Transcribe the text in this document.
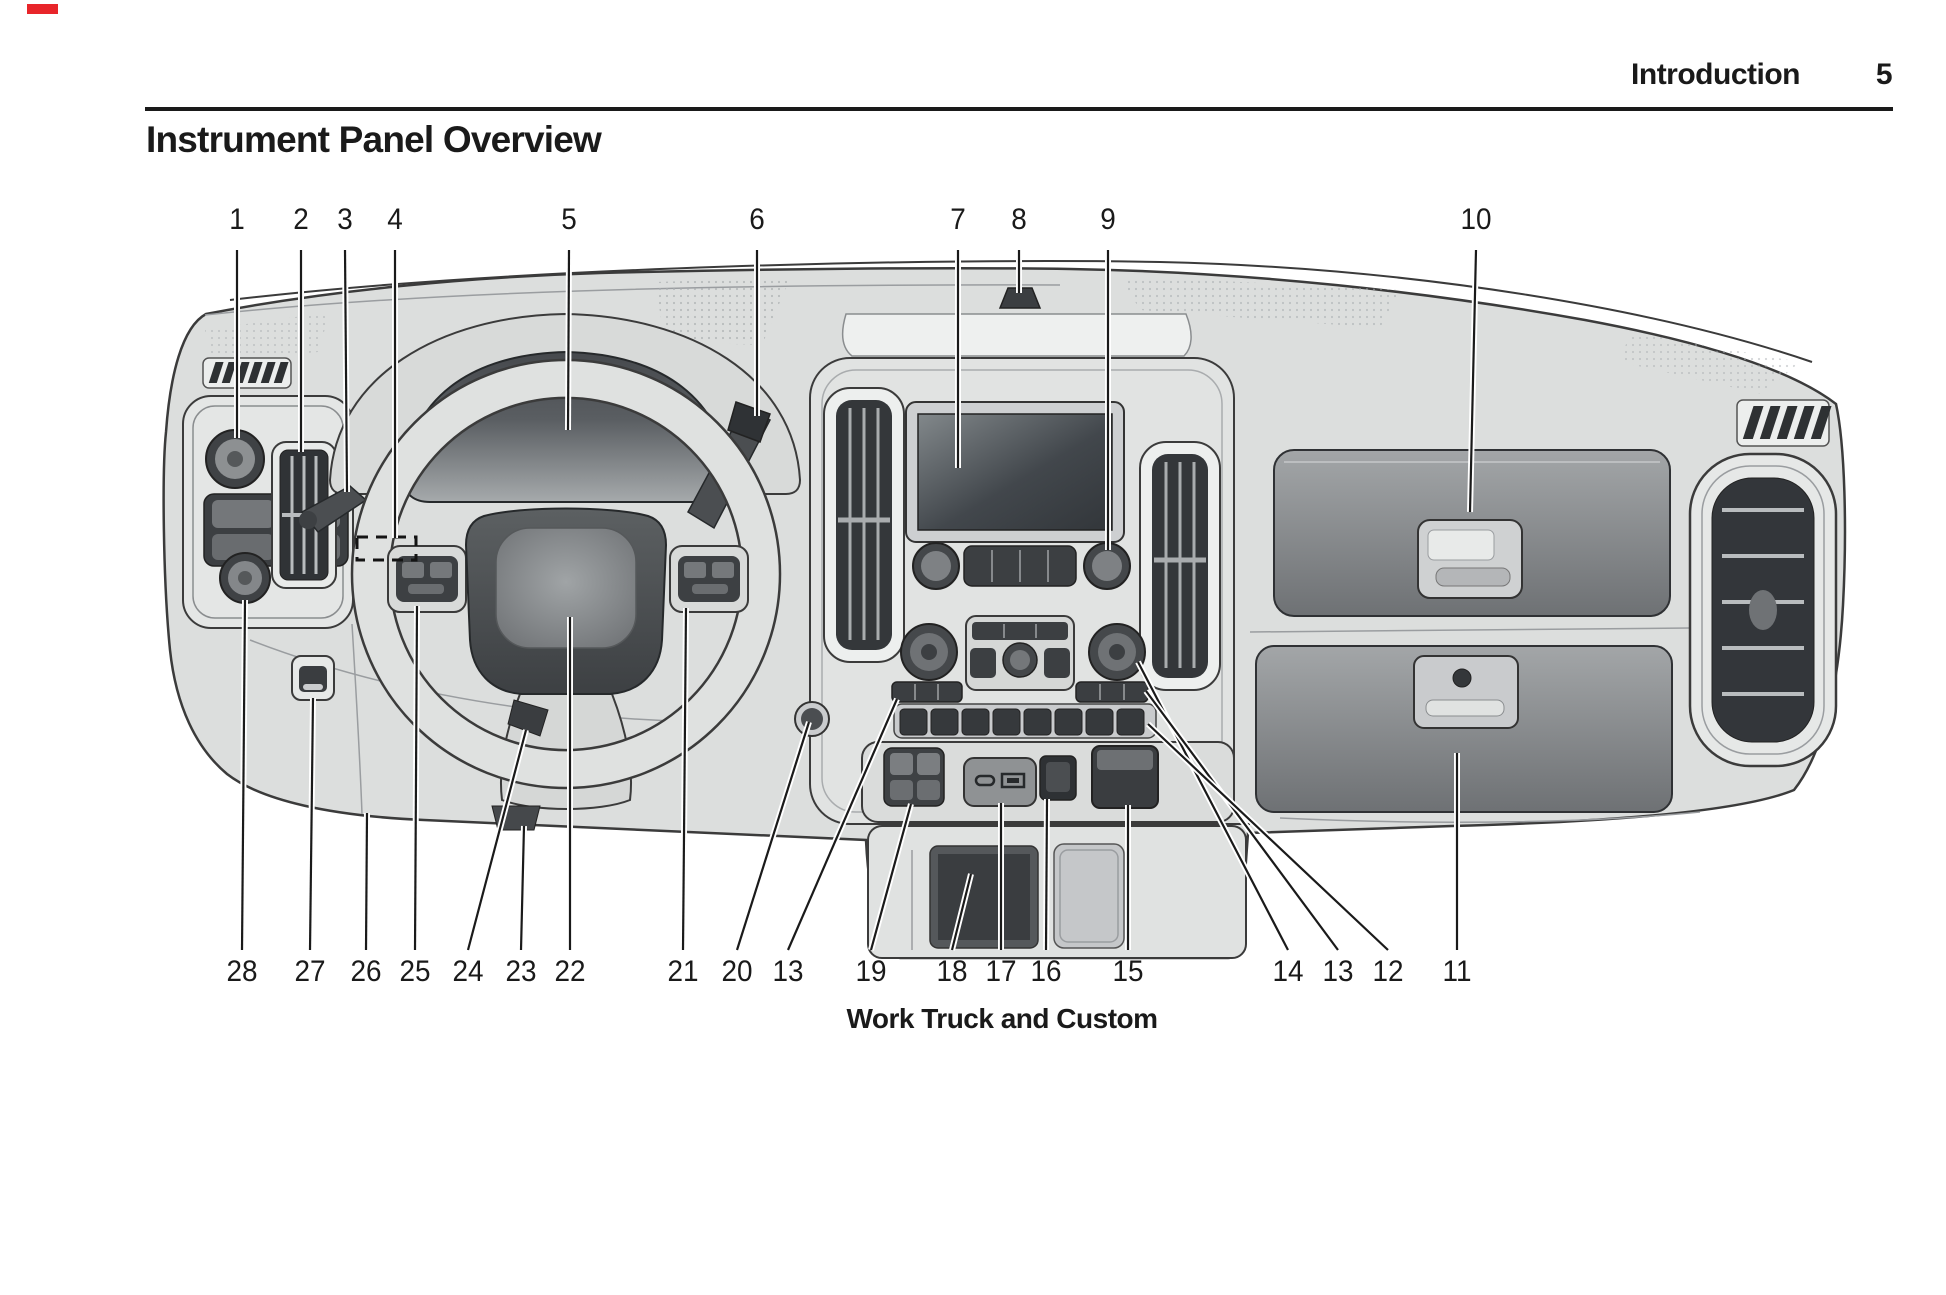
Introduction	5
Instrument Panel Overview
Work Truck and Custom
1 2 3 4	5	6	7 8 9	10
28 27 26 25 24 23 22	21 20 13 19 18 17 16 15	14 13 12 11
